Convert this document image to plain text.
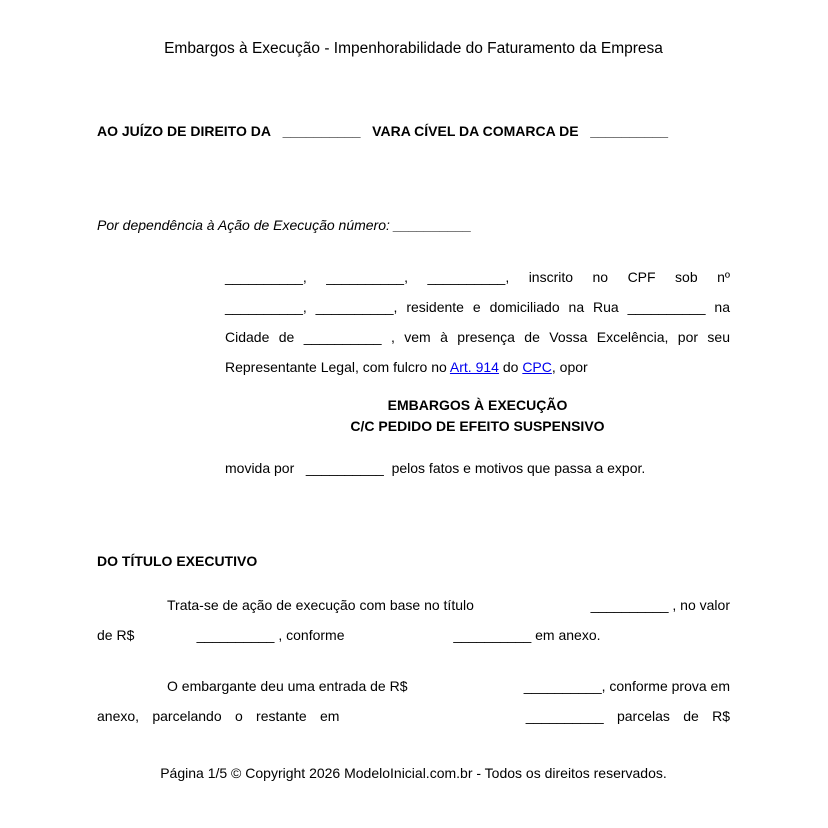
Embargos à Execução - Impenhorabilidade do Faturamento da Empresa
AO JUÍZO DE DIREITO DA   __________   VARA CÍVEL DA COMARCA DE   __________
Por dependência à Ação de Execução número: __________
__________, __________, __________, inscrito no CPF sob nº
__________, __________, residente e domiciliado na Rua __________ na
Cidade de __________ , vem à presença de Vossa Excelência, por seu
Representante Legal, com fulcro no Art. 914 do CPC, opor
EMBARGOS À EXECUÇÃO
C/C PEDIDO DE EFEITO SUSPENSIVO
movida por   __________  pelos fatos e motivos que passa a expor.
DO TÍTULO EXECUTIVO
Trata-se de ação de execução com base no título	__________ , no valor
de R$                __________ , conforme                            __________ em anexo.
O embargante deu uma entrada de R$	__________, conforme prova em
anexo, parcelando o restante em              __________ parcelas de R$
Página 1/5 © Copyright 2026 ModeloInicial.com.br - Todos os direitos reservados.
